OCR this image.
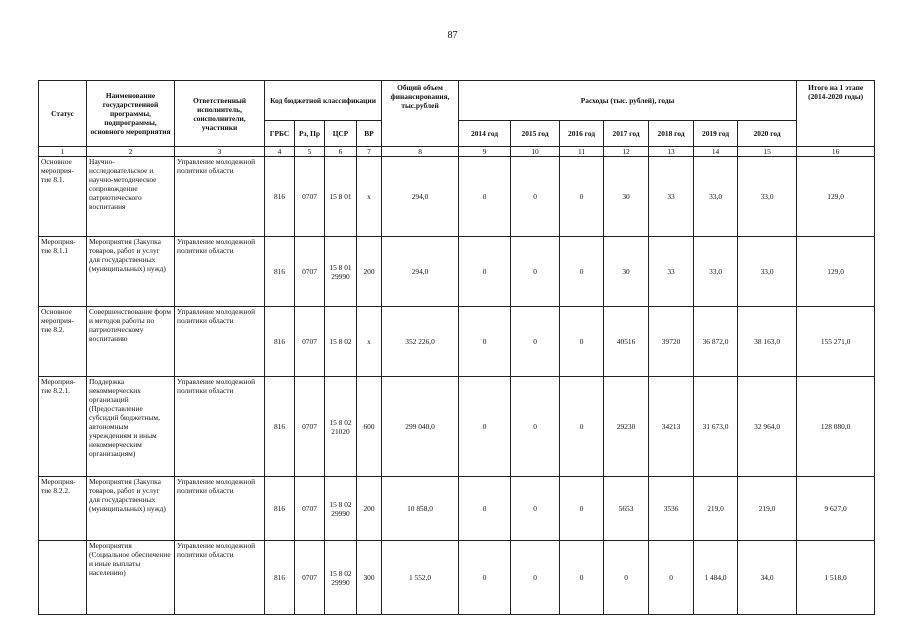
87
Статус	Наименование государственной программы, подпрограммы, основного мероприятия	Ответственный исполнитель, соисполнители, участники	Код бюджетной классификации				Общий объем финансирования, тыс.рублей	Расходы (тыс. рублей), годы							Итого на 1 этапе (2014-2020 годы)
			ГРБС	Рз, Пр	ЦСР	ВР		2014 год	2015 год	2016 год	2017 год	2018 год	2019 год	2020 год	
1	2	3	4	5	6	7	8	9	10	11	12	13	14	15	16
Основное мероприя-тие 8.1.	Научно-исследовательское и научно-методическое сопровождение патриотического воспитания	Управление молодежной политики области	816	0707	15 8 01	х	294,0	0	0	0	30	33	33,0	33,0	129,0
Мероприя-тие 8.1.1	Мероприятия (Закупка товаров, работ и услуг для государственных (муниципальных) нужд)	Управление молодежной политики области	816	0707	15 8 01 29990	200	294,0	0	0	0	30	33	33,0	33,0	129,0
Основное мероприя-тие 8.2.	Совершенствование форм и методов работы по патриотическому воспитанию	Управление молодежной политики области	816	0707	15 8 02	х	352 226,0	0	0	0	40516	39720	36 872,0	38 163,0	155 271,0
Мероприя-тие 8.2.1.	Поддержка некоммерческих организаций (Предоставление субсидий бюджетным, автономным учреждениям и иным некоммерческим организациям)	Управление молодежной политики области	816	0707	15 8 02 21020	600	299 040,0	0	0	0	29230	34213	31 673,0	32 964,0	128 080,0
Мероприя-тие 8.2.2.	Мероприятия (Закупка товаров, работ и услуг для государственных (муниципальных) нужд)	Управление молодежной политики области	816	0707	15 8 02 29990	200	10 858,0	0	0	0	5653	3536	219,0	219,0	9 627,0
	Мероприятия (Социальное обеспечение и иные выплаты населению)	Управление молодежной политики области	816	0707	15 8 02 29990	300	1 552,0	0	0	0	0	0	1 484,0	34,0	1 518,0
